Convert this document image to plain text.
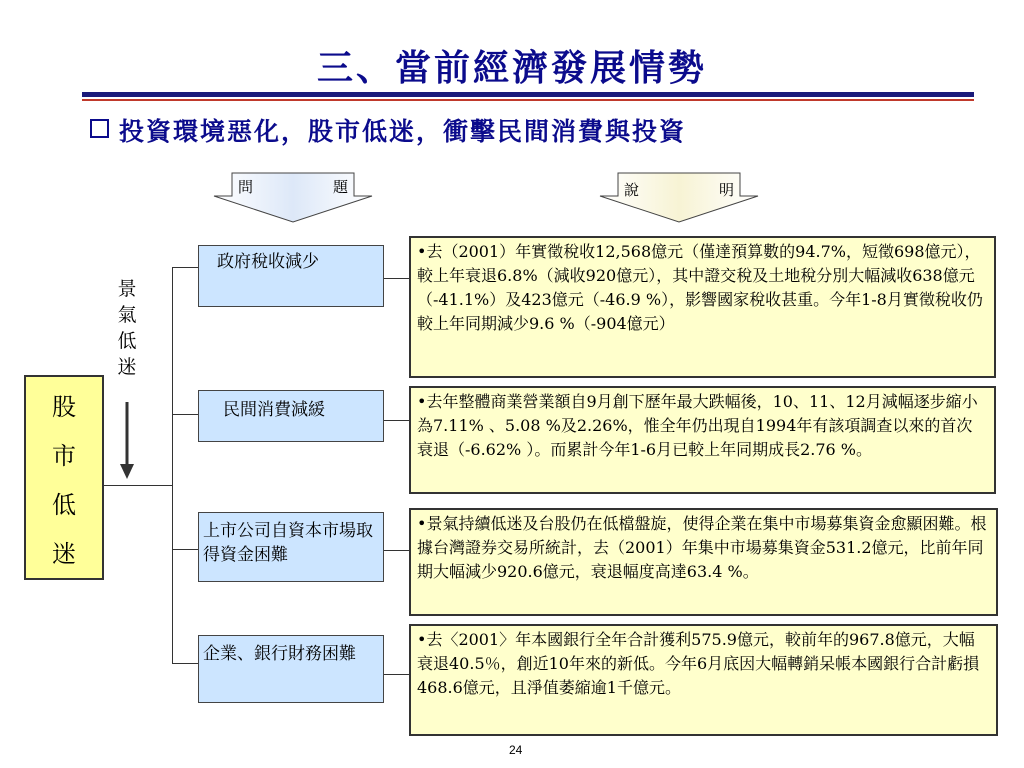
三、當前經濟發展情勢
投資環境惡化，股市低迷，衝擊民間消費與投資
問	題	說	明
股
市
低
迷
景氣低迷
政府稅收減少
民間消費減緩
上市公司自資本市場取得資金困難
企業、銀行財務困難
•去（2001）年實徵稅收12,568億元（僅達預算數的94.7%，短徵698億元），較上年衰退6.8%（減收920億元），其中證交稅及土地稅分別大幅減收638億元（-41.1%）及423億元（-46.9 %），影響國家稅收甚重。今年1-8月實徵稅收仍較上年同期減少9.6 %（-904億元）
•去年整體商業營業額自9月創下歷年最大跌幅後，10、11、12月減幅逐步縮小為7.11% 、5.08 %及2.26%，惟全年仍出現自1994年有該項調查以來的首次衰退（-6.62% ）。而累計今年1-6月已較上年同期成長2.76 %。
•景氣持續低迷及台股仍在低檔盤旋，使得企業在集中市場募集資金愈顯困難。根據台灣證券交易所統計，去（2001）年集中市場募集資金531.2億元，比前年同期大幅減少920.6億元，衰退幅度高達63.4 %。
•去〈2001〉年本國銀行全年合計獲利575.9億元，較前年的967.8億元，大幅衰退40.5％，創近10年來的新低。今年6月底因大幅轉銷呆帳本國銀行合計虧損468.6億元，且淨值萎縮逾1千億元。
24
